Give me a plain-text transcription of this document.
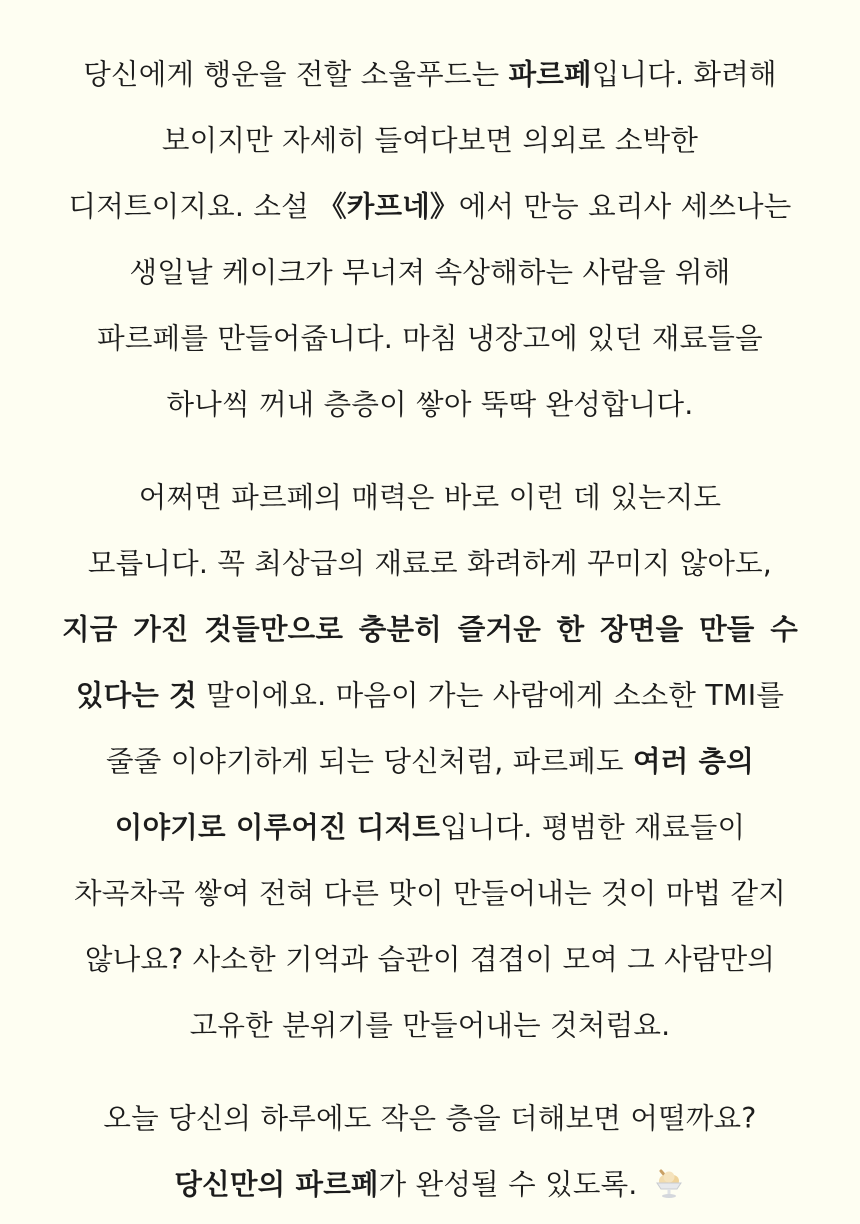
당신에게 행운을 전할 소울푸드는 파르페입니다. 화려해
보이지만 자세히 들여다보면 의외로 소박한
디저트이지요. 소설 《카프네》에서 만능 요리사 세쓰나는
생일날 케이크가 무너져 속상해하는 사람을 위해
파르페를 만들어줍니다. 마침 냉장고에 있던 재료들을
하나씩 꺼내 층층이 쌓아 뚝딱 완성합니다.
어쩌면 파르페의 매력은 바로 이런 데 있는지도
모릅니다. 꼭 최상급의 재료로 화려하게 꾸미지 않아도,
지금 가진 것들만으로 충분히 즐거운 한 장면을 만들 수
있다는 것 말이에요. 마음이 가는 사람에게 소소한 TMI를
줄줄 이야기하게 되는 당신처럼, 파르페도 여러 층의
이야기로 이루어진 디저트입니다. 평범한 재료들이
차곡차곡 쌓여 전혀 다른 맛이 만들어내는 것이 마법 같지
않나요? 사소한 기억과 습관이 겹겹이 모여 그 사람만의
고유한 분위기를 만들어내는 것처럼요.
오늘 당신의 하루에도 작은 층을 더해보면 어떨까요?
당신만의 파르페가 완성될 수 있도록.
